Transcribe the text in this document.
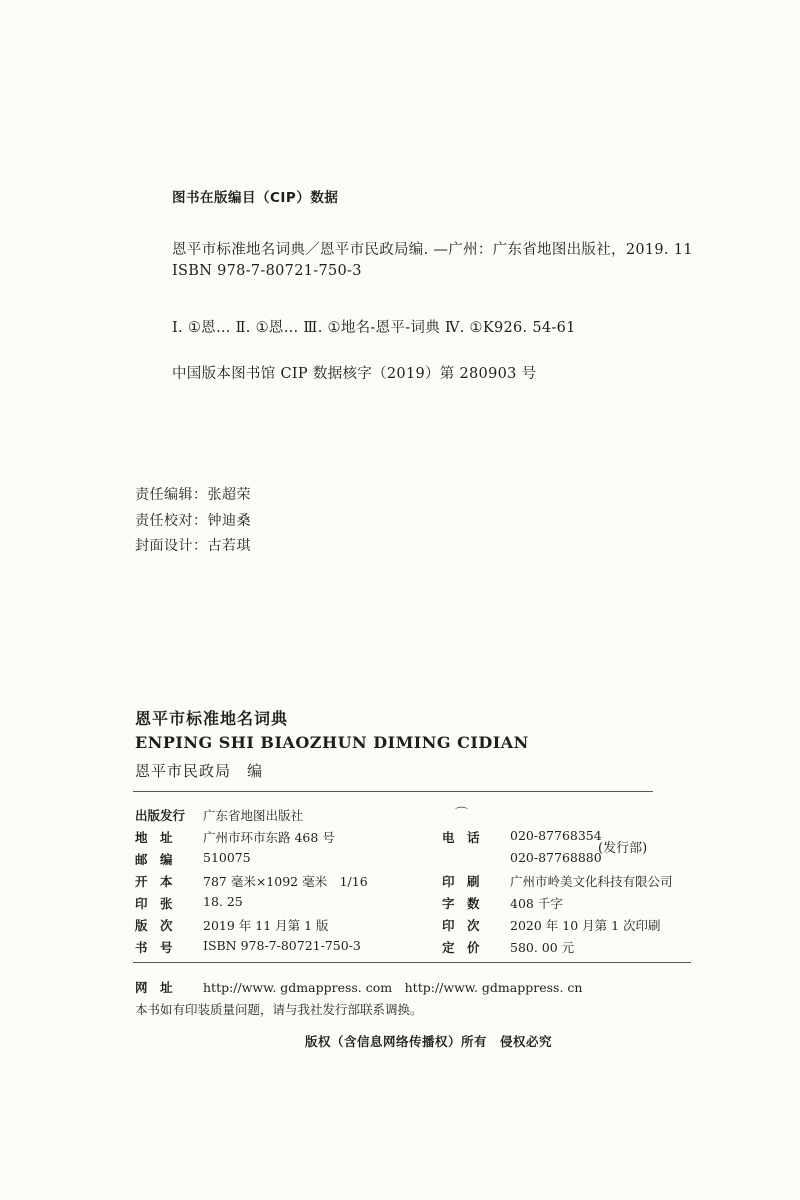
图书在版编目（CIP）数据
恩平市标准地名词典／恩平市民政局编. —广州：广东省地图出版社，2019. 11
ISBN 978-7-80721-750-3
Ⅰ. ①恩… Ⅱ. ①恩… Ⅲ. ①地名-恩平-词典 Ⅳ. ①K926. 54-61
中国版本图书馆 CIP 数据核字（2019）第 280903 号
责任编辑：张超荣
责任校对：钟迪桑
封面设计：古若琪
恩平市标准地名词典
ENPING SHI BIAOZHUN DIMING CIDIAN
恩平市民政局　编
出版发行 广东省地图出版社
地　址 广州市环市东路 468 号
邮　编 510075
开　本 787 毫米×1092 毫米　1/16
印　张 18. 25
版　次 2019 年 11 月第 1 版
书　号 ISBN 978-7-80721-750-3
⌒
电　话 020-87768354
020-87768880
(发行部)
印　刷 广州市岭美文化科技有限公司
字　数 408 千字
印　次 2020 年 10 月第 1 次印刷
定　价 580. 00 元
网　址 http://www. gdmappress. com　http://www. gdmappress. cn
本书如有印装质量问题，请与我社发行部联系调换。
版权（含信息网络传播权）所有　侵权必究
